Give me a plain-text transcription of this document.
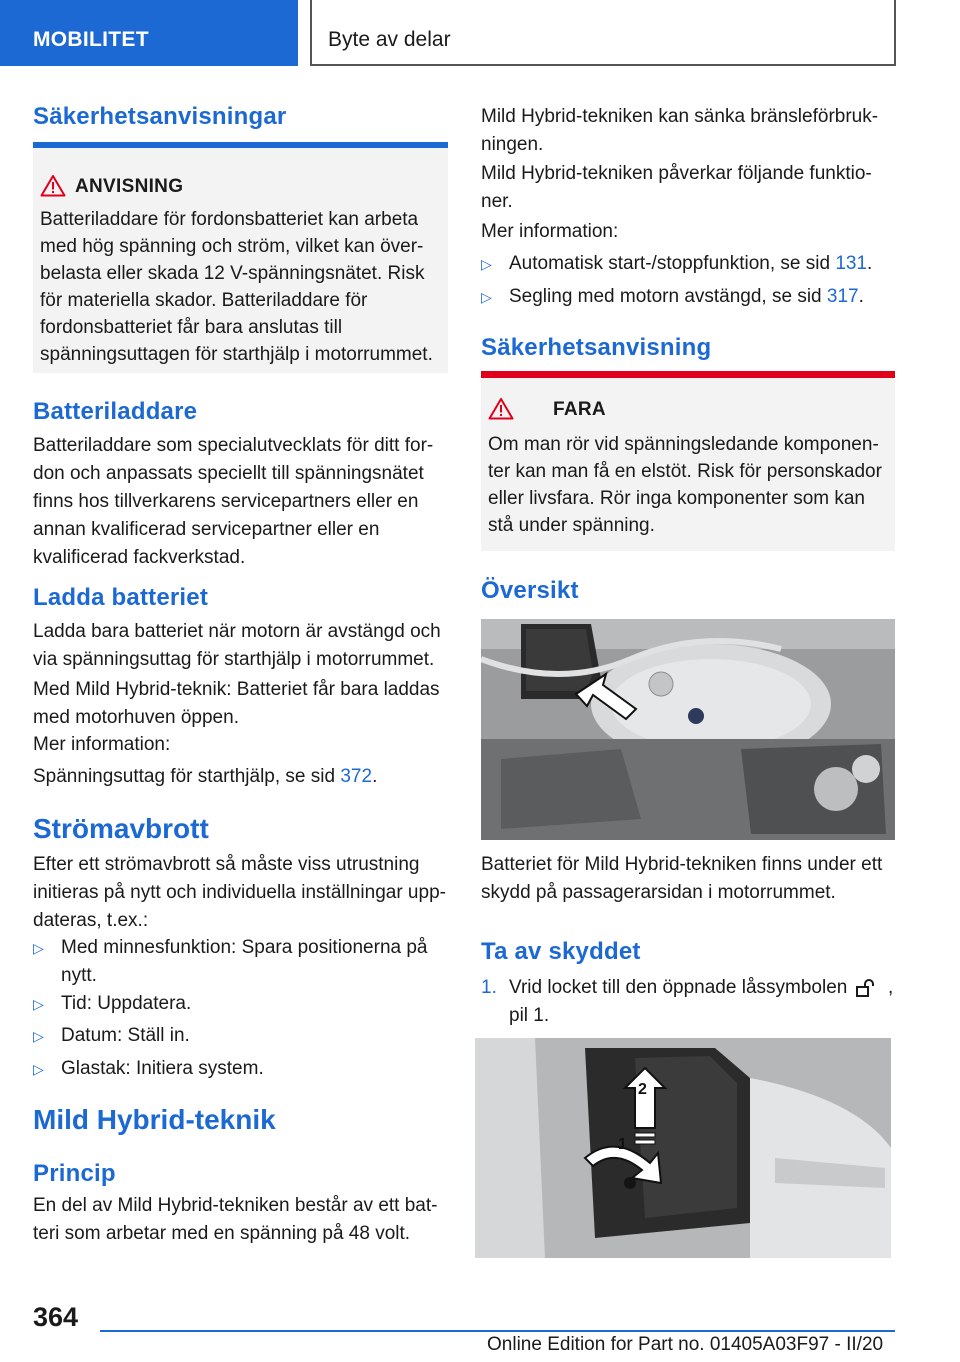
MOBILITET	Byte av delar
Säkerhetsanvisningar
ANVISNING
Batteriladdare för fordonsbatteriet kan arbeta med hög spänning och ström, vilket kan överbelasta eller skada 12 V-spänningsnätet. Risk för materiella skador. Batteriladdare för fordonsbatteriet får bara anslutas till spänningsuttagen för starthjälp i motorrummet.
Batteriladdare
Batteriladdare som specialutvecklats för ditt fordon och anpassats speciellt till spänningsnätet finns hos tillverkarens servicepartners eller en annan kvalificerad servicepartner eller en kvalificerad fackverkstad.
Ladda batteriet
Ladda bara batteriet när motorn är avstängd och via spänningsuttag för starthjälp i motorrummet.
Med Mild Hybrid-teknik: Batteriet får bara laddas med motorhuven öppen.
Mer information:
Spänningsuttag för starthjälp, se sid 372.
Strömavbrott
Efter ett strömavbrott så måste viss utrustning initieras på nytt och individuella inställningar uppdateras, t.ex.:
▷ Med minnesfunktion: Spara positionerna på nytt.
▷ Tid: Uppdatera.
▷ Datum: Ställ in.
▷ Glastak: Initiera system.
Mild Hybrid-teknik
Princip
En del av Mild Hybrid-tekniken består av ett batteri som arbetar med en spänning på 48 volt.
Mild Hybrid-tekniken kan sänka bränsleförbrukningen.
Mild Hybrid-tekniken påverkar följande funktioner.
Mer information:
▷ Automatisk start-/stoppfunktion, se sid 131.
▷ Segling med motorn avstängd, se sid 317.
Säkerhetsanvisning
FARA
Om man rör vid spänningsledande komponenter kan man få en elstöt. Risk för personskador eller livsfara. Rör inga komponenter som kan stå under spänning.
Översikt
Batteriet för Mild Hybrid-tekniken finns under ett skydd på passagerarsidan i motorrummet.
Ta av skyddet
1. Vrid locket till den öppnade låssymbolen ,
pil 1.
2
1
364
Online Edition for Part no. 01405A03F97 - II/20
